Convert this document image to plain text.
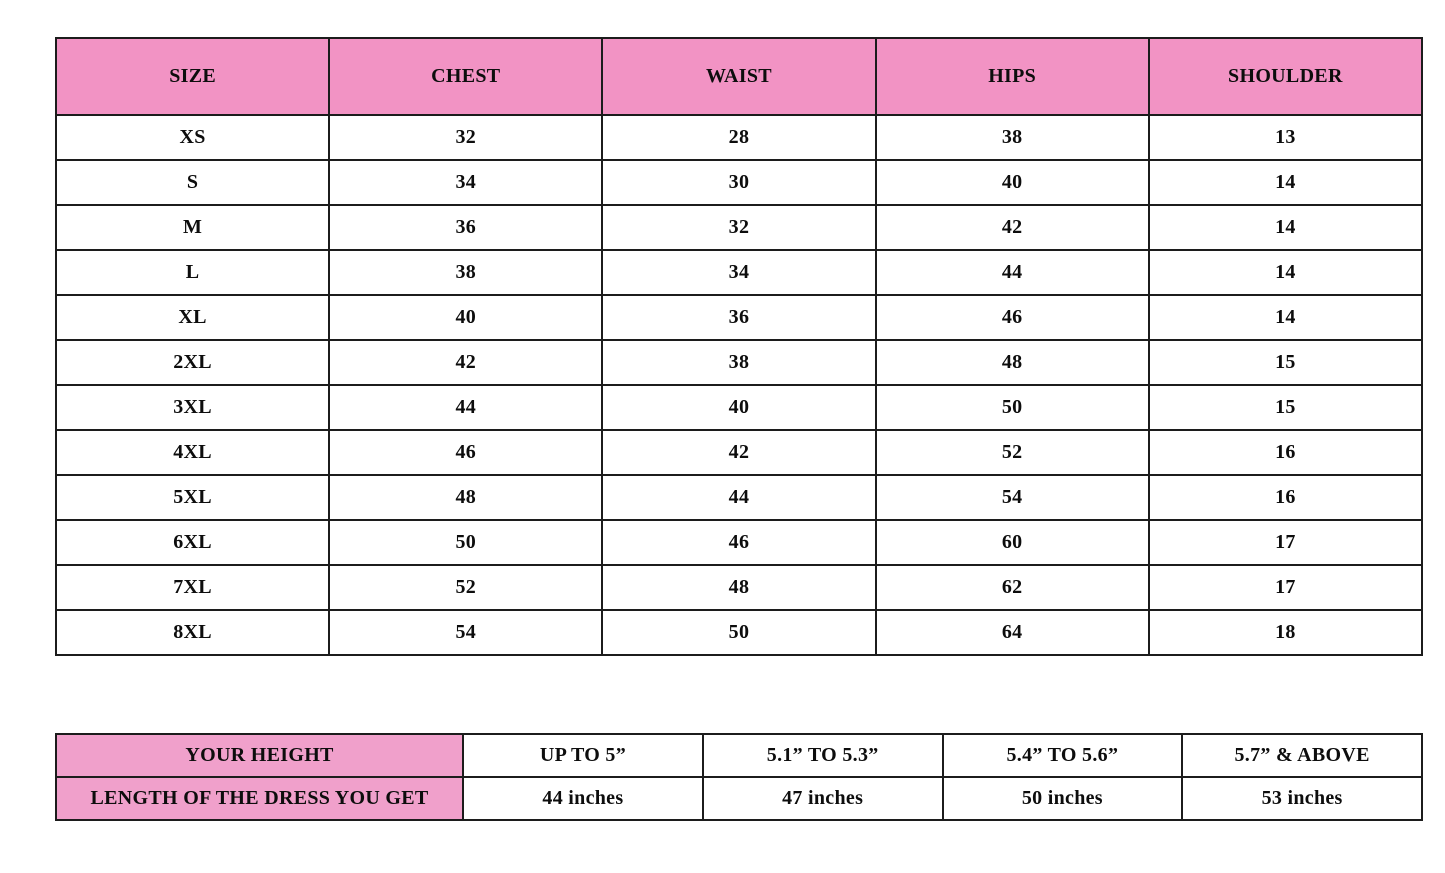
SIZE	CHEST	WAIST	HIPS	SHOULDER
XS	32	28	38	13
S	34	30	40	14
M	36	32	42	14
L	38	34	44	14
XL	40	36	46	14
2XL	42	38	48	15
3XL	44	40	50	15
4XL	46	42	52	16
5XL	48	44	54	16
6XL	50	46	60	17
7XL	52	48	62	17
8XL	54	50	64	18
YOUR HEIGHT	UP TO 5”	5.1” TO 5.3”	5.4” TO 5.6”	5.7” & ABOVE
LENGTH OF THE DRESS YOU GET	44 inches	47 inches	50 inches	53 inches
